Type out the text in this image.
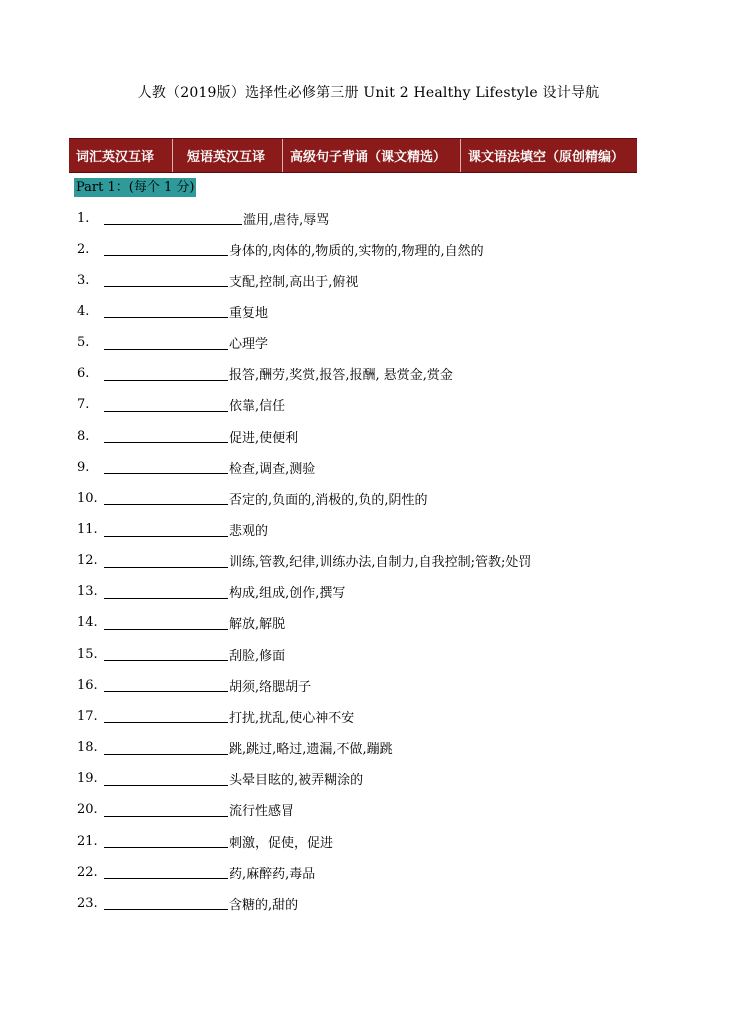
人教（2019版）选择性必修第三册 Unit 2 Healthy Lifestyle 设计导航
词汇英汉互译	短语英汉互译	高级句子背诵（课文精选）	课文语法填空（原创精编）
Part 1：(每个 1 分)
1.	滥用,虐待,辱骂
2.	身体的,肉体的,物质的,实物的,物理的,自然的
3.	支配,控制,高出于,俯视
4.	重复地
5.	心理学
6.	报答,酬劳,奖赏,报答,报酬, 悬赏金,赏金
7.	依靠,信任
8.	促进,使便利
9.	检查,调查,测验
10.	否定的,负面的,消极的,负的,阴性的
11.	悲观的
12.	训练,管教,纪律,训练办法,自制力,自我控制;管教;处罚
13.	构成,组成,创作,撰写
14.	解放,解脱
15.	刮脸,修面
16.	胡须,络腮胡子
17.	打扰,扰乱,使心神不安
18.	跳,跳过,略过,遗漏,不做,蹦跳
19.	头晕目眩的,被弄糊涂的
20.	流行性感冒
21.	刺激，促使，促进
22.	药,麻醉药,毒品
23.	含糖的,甜的
